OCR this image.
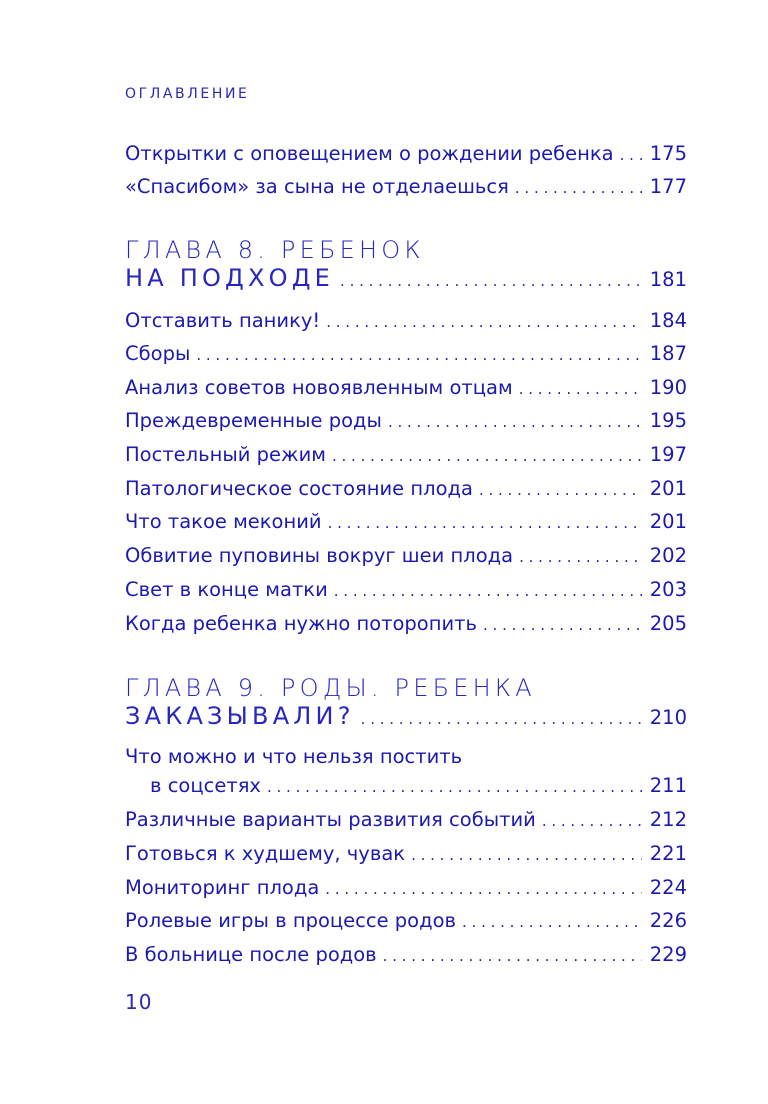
ОГЛАВЛЕНИЕ
Открытки с оповещением о рождении ребенка . . .	175
«Спасибом» за сына не отделаешься . . .	177
ГЛАВА 8. РЕБЕНОК
НА ПОДХОДЕ . . .	181
Отставить панику! . . .	184
Сборы . . .	187
Анализ советов новоявленным отцам . . .	190
Преждевременные роды . . .	195
Постельный режим . . .	197
Патологическое состояние плода . . .	201
Что такое меконий . . .	201
Обвитие пуповины вокруг шеи плода . . .	202
Свет в конце матки . . .	203
Когда ребенка нужно поторопить . . .	205
ГЛАВА 9. РОДЫ. РЕБЕНКА
ЗАКАЗЫВАЛИ? . . .	210
Что можно и что нельзя постить
в соцсетях . . .	211
Различные варианты развития событий . . .	212
Готовься к худшему, чувак . . .	221
Мониторинг плода . . .	224
Ролевые игры в процессе родов . . .	226
В больнице после родов . . .	229
10
